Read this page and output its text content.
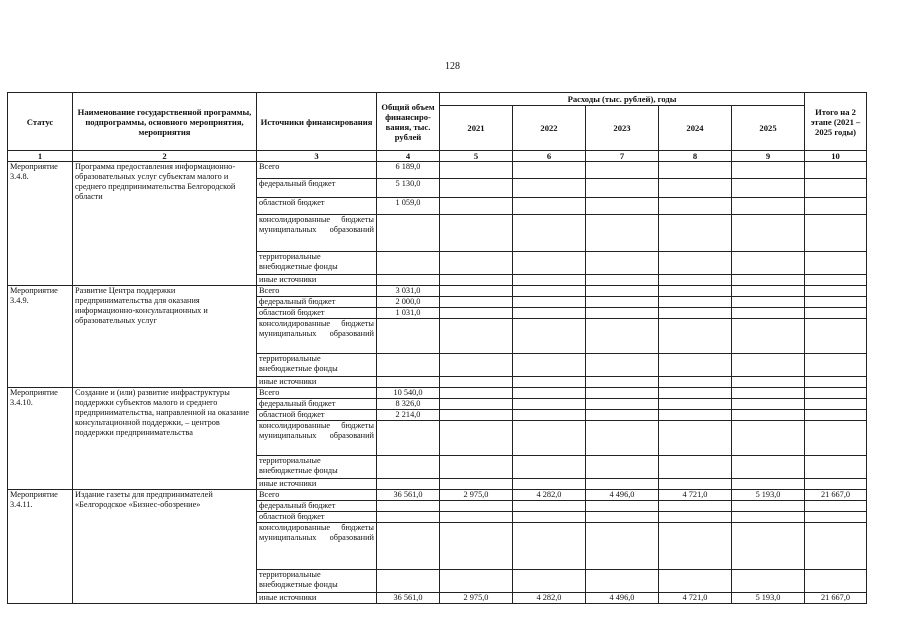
128
Статус	Наименование государственной программы, подпрограммы, основного мероприятия, мероприятия	Источники финансирования	Общий объем финансиро-вания, тыс. рублей	Расходы (тыс. рублей), годы					Итого на 2 этапе (2021 – 2025 годы)
				2021	2022	2023	2024	2025	
1	2	3	4	5	6	7	8	9	10
Мероприятие 3.4.8.	Программа предоставления информационно-образовательных услуг субъектам малого и среднего предпринимательства Белгородской области	Всего	6 189,0						
		федеральный бюджет	5 130,0						
		областной бюджет	1 059,0						
		консолидированные бюджеты муниципальных образований							
		территориальные внебюджетные фонды							
		иные источники							
Мероприятие 3.4.9.	Развитие Центра поддержки предпринимательства для оказания информационно-консультационных и образовательных услуг	Всего	3 031,0						
		федеральный бюджет	2 000,0						
		областной бюджет	1 031,0						
		консолидированные бюджеты муниципальных образований							
		территориальные внебюджетные фонды							
		иные источники							
Мероприятие 3.4.10.	Создание и (или) развитие инфраструктуры поддержки субъектов малого и среднего предпринимательства, направленной на оказание консультационной поддержки, – центров поддержки предпринимательства	Всего	10 540,0						
		федеральный бюджет	8 326,0						
		областной бюджет	2 214,0						
		консолидированные бюджеты муниципальных образований							
		территориальные внебюджетные фонды							
		иные источники							
Мероприятие 3.4.11.	Издание газеты для предпринимателей «Белгородское «Бизнес-обозрение»	Всего	36 561,0	2 975,0	4 282,0	4 496,0	4 721,0	5 193,0	21 667,0
		федеральный бюджет							
		областной бюджет							
		консолидированные бюджеты муниципальных образований							
		территориальные внебюджетные фонды							
		иные источники	36 561,0	2 975,0	4 282,0	4 496,0	4 721,0	5 193,0	21 667,0
